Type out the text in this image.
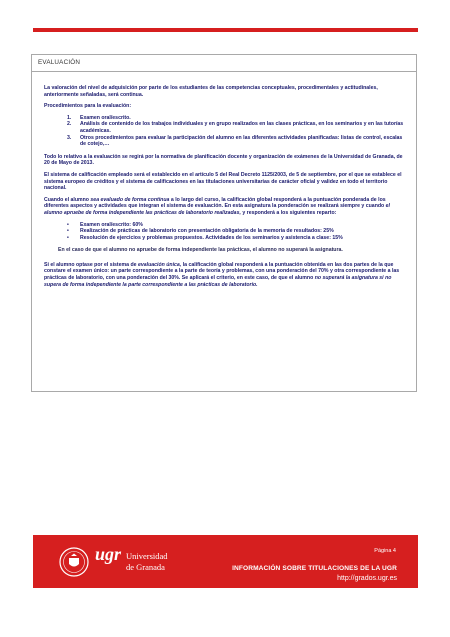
EVALUACIÓN

La valoración del nivel de adquisición por parte de los estudiantes de las competencias conceptuales, procedimentales y actitudinales, anteriormente señaladas, será continua.

Procedimientos para la evaluación:

1. Examen oral/escrito.
2. Análisis de contenido de los trabajos individuales y en grupo realizados en las clases prácticas, en los seminarios y en las tutorías académicas.
3. Otros procedimientos para evaluar la participación del alumno en las diferentes actividades planificadas: listas de control, escalas de cotejo,…

Todo lo relativo a la evaluación se regirá por la normativa de planificación docente y organización de exámenes de la Universidad de Granada, de 20 de Mayo de 2013.

El sistema de calificación empleado será el establecido en el artículo 5 del Real Decreto 1125/2003, de 5 de septiembre, por el que se establece el sistema europeo de créditos y el sistema de calificaciones en las titulaciones universitarias de carácter oficial y validez en todo el territorio nacional.

Cuando el alumno sea evaluado de forma continua a lo largo del curso, la calificación global responderá a la puntuación ponderada de los diferentes aspectos y actividades que integran el sistema de evaluación. En esta asignatura la ponderación se realizará siempre y cuando el alumno apruebe de forma independiente las prácticas de laboratorio realizadas, y responderá a los siguientes reparto:

• Examen oral/escrito: 60%
• Realización de prácticas de laboratorio con presentación obligatoria de la memoria de resultados: 25%
• Resolución de ejercicios y problemas propuestos. Actividades de los seminarios y asistencia a clase: 15%

En el caso de que el alumno no apruebe de forma independiente las prácticas, el alumno no superará la asignatura.

Si el alumno optase por el sistema de evaluación única, la calificación global responderá a la puntuación obtenida en las dos partes de la que constare el examen único: un parte correspondiente a la parte de teoría y problemas, con una ponderación del 70% y otra correspondiente a las prácticas de laboratorio, con una ponderación del 30%. Se aplicará el criterio, en este caso, de que el alumno no superará la asignatura si no supera de forma independiente la parte correspondiente a las prácticas de laboratorio.

ugr Universidad
de Granada
Página 4
INFORMACIÓN SOBRE TITULACIONES DE LA UGR
http://grados.ugr.es
